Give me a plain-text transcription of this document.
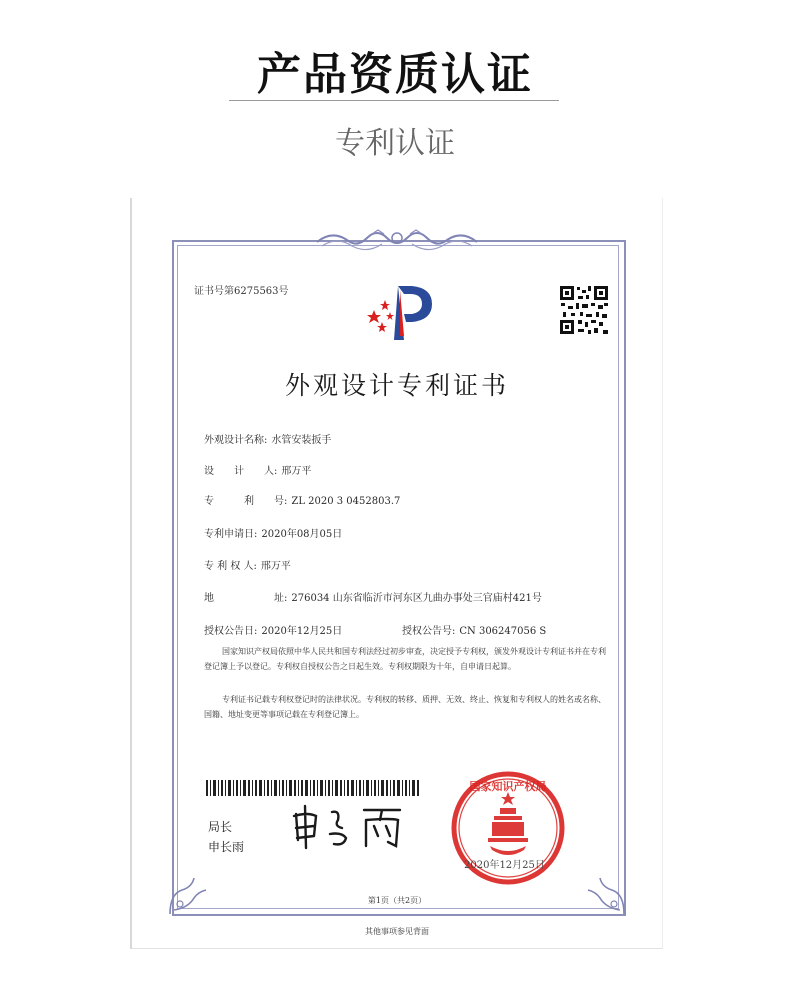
产品资质认证
专利认证
证书号第6275563号
外观设计专利证书
外观设计名称: 水管安装扳手
设　　计　　人: 邢万平
专　　　利　　号: ZL 2020 3 0452803.7
专利申请日: 2020年08月05日
专 利 权 人: 邢万平
地　　　　　　址: 276034 山东省临沂市河东区九曲办事处三官庙村421号
授权公告日: 2020年12月25日	授权公告号: CN 306247056 S
国家知识产权局依照中华人民共和国专利法经过初步审查，决定授予专利权，颁发外观设计专利证书并在专利登记簿上予以登记。专利权自授权公告之日起生效。专利权期限为十年，自申请日起算。
专利证书记载专利权登记时的法律状况。专利权的转移、质押、无效、终止、恢复和专利权人的姓名或名称、国籍、地址变更等事项记载在专利登记簿上。
局长
申长雨
国家知识产权局
2020年12月25日
第1页（共2页）
其他事项参见背面
